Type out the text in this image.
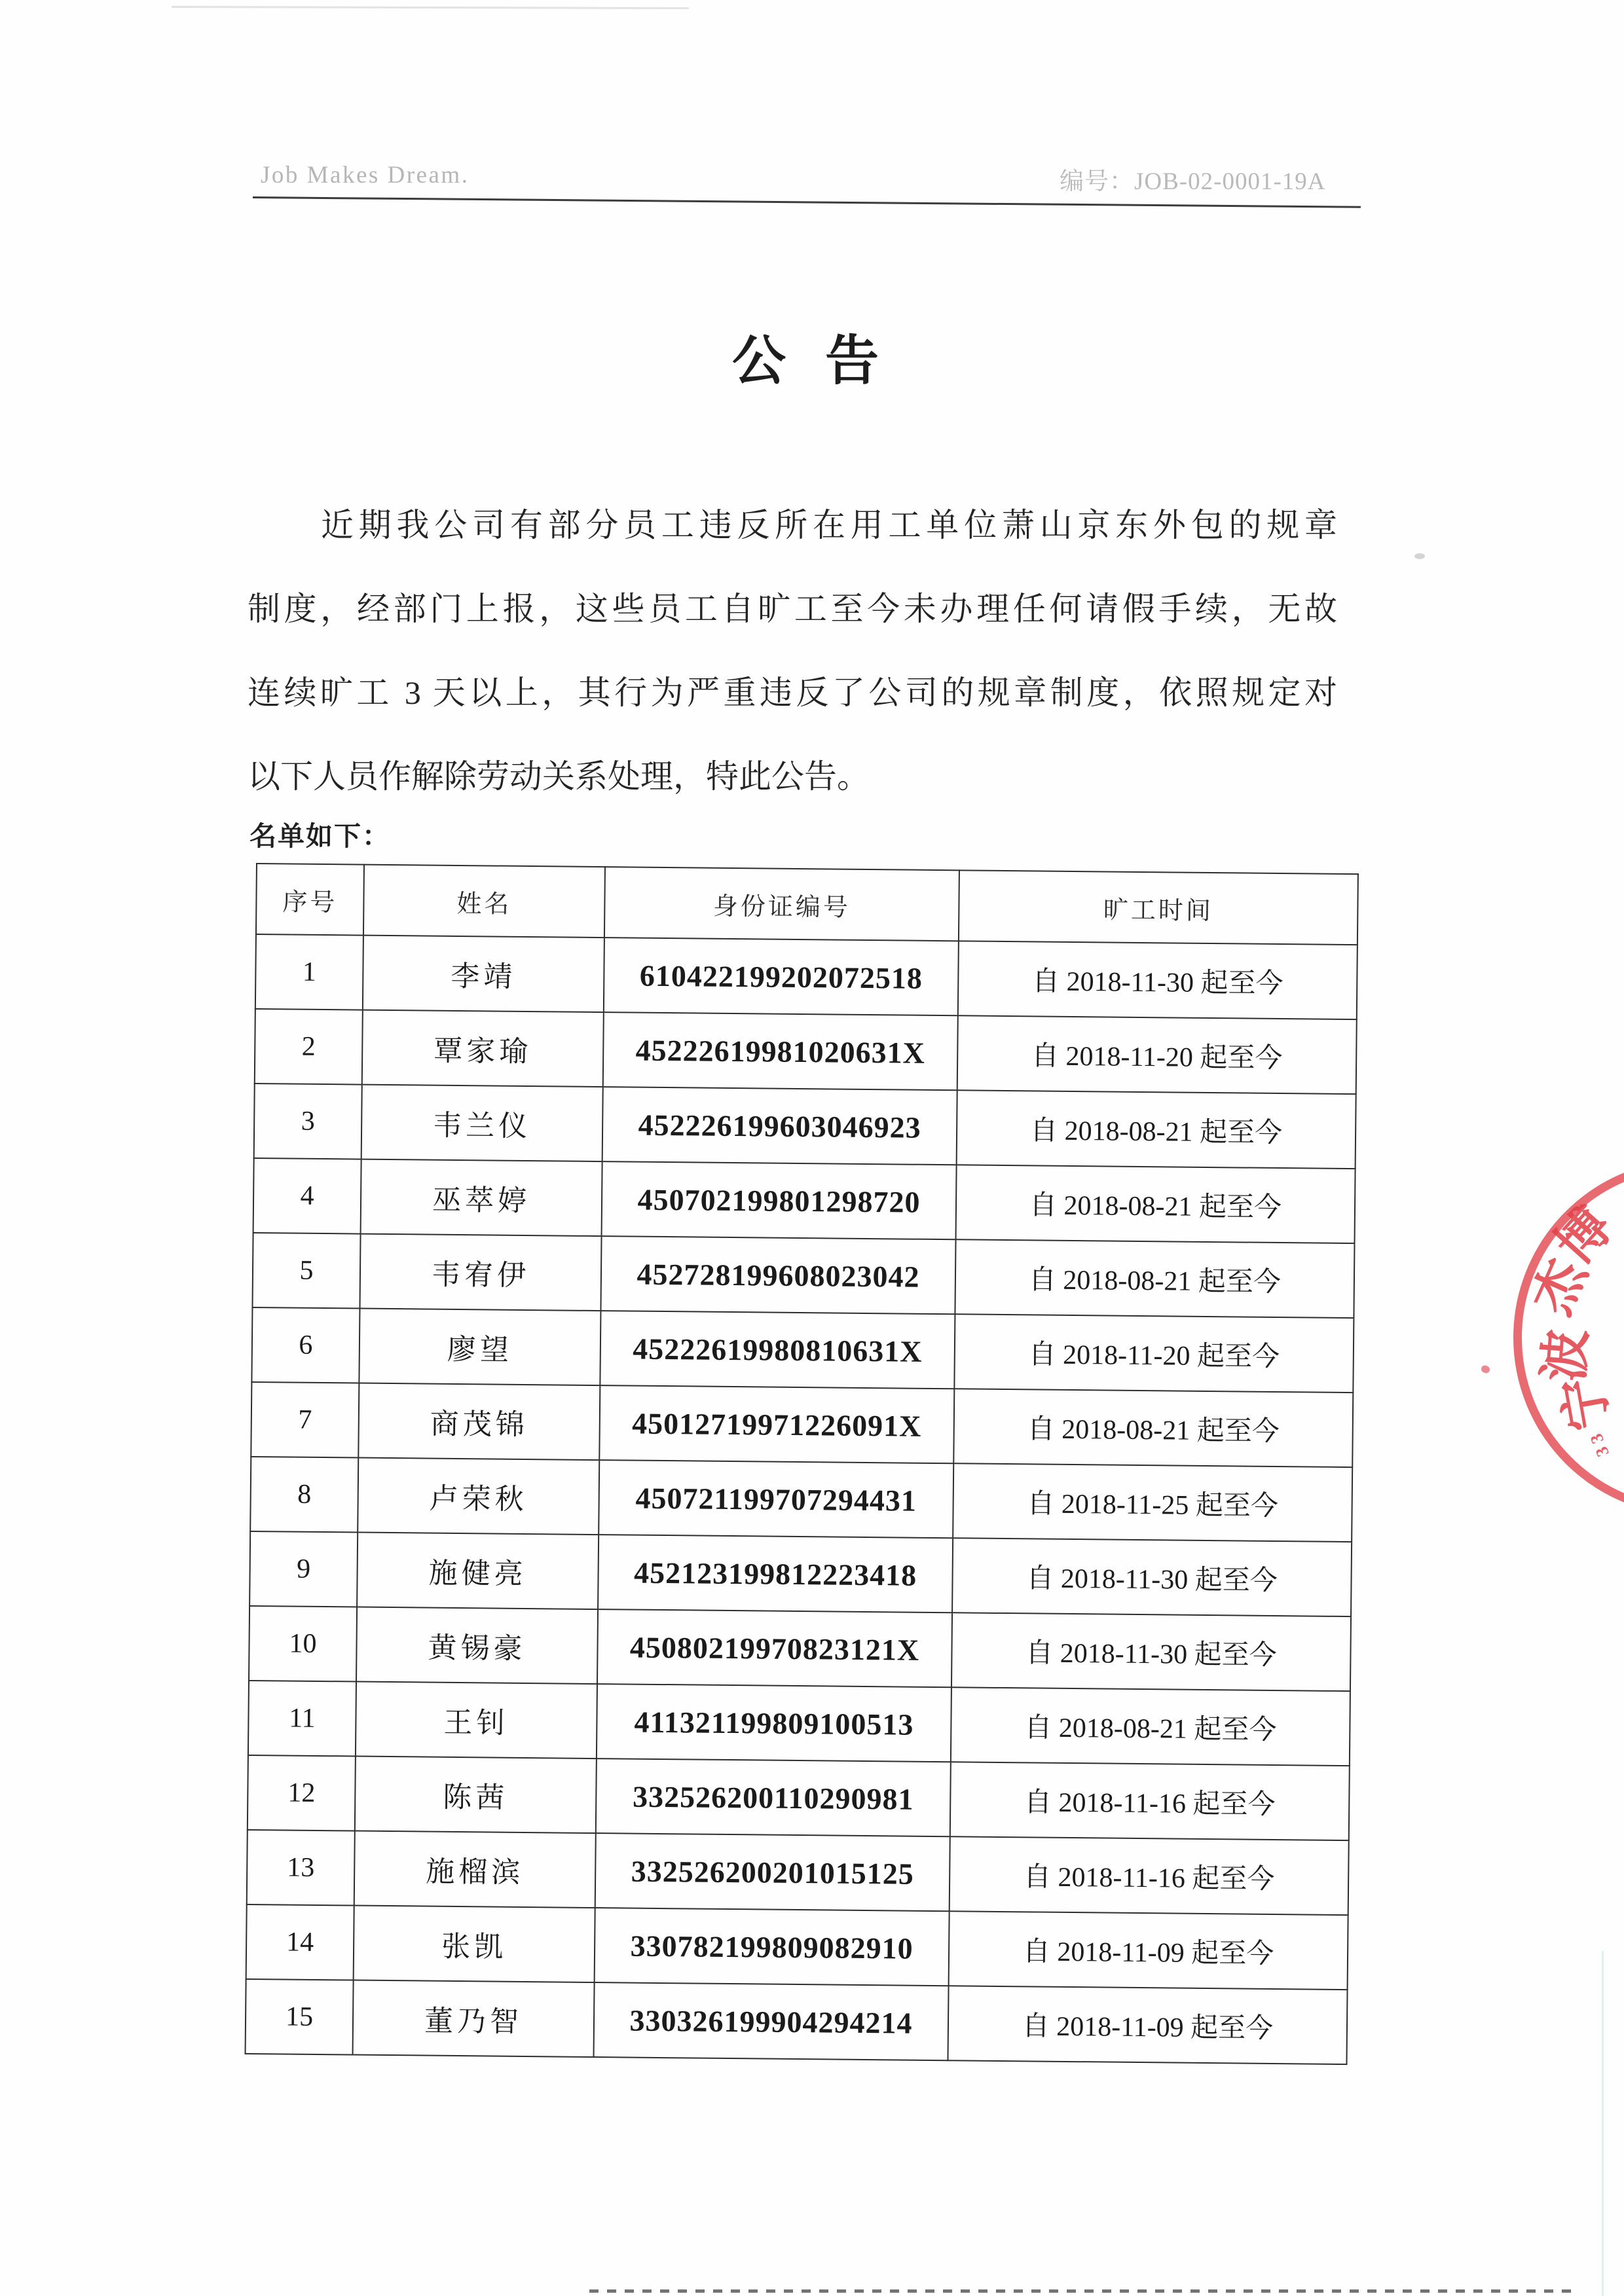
Job Makes Dream.	编号：JOB-02-0001-19A
公告
近期我公司有部分员工违反所在用工单位萧山京东外包的规章
制度，经部门上报，这些员工自旷工至今未办理任何请假手续，无故
连续旷工 3 天以上，其行为严重违反了公司的规章制度，依照规定对
以下人员作解除劳动关系处理，特此公告。
名单如下：
序号	姓名	身份证编号	旷工时间
1	李靖	610422199202072518	自 2018-11-30 起至今
2	覃家瑜	45222619981020631X	自 2018-11-20 起至今
3	韦兰仪	452226199603046923	自 2018-08-21 起至今
4	巫萃婷	450702199801298720	自 2018-08-21 起至今
5	韦宥伊	452728199608023042	自 2018-08-21 起至今
6	廖望	45222619980810631X	自 2018-11-20 起至今
7	商茂锦	45012719971226091X	自 2018-08-21 起至今
8	卢荣秋	450721199707294431	自 2018-11-25 起至今
9	施健亮	452123199812223418	自 2018-11-30 起至今
10	黄锡豪	45080219970823121X	自 2018-11-30 起至今
11	王钊	411321199809100513	自 2018-08-21 起至今
12	陈茜	332526200110290981	自 2018-11-16 起至今
13	施榴滨	332526200201015125	自 2018-11-16 起至今
14	张凯	330782199809082910	自 2018-11-09 起至今
15	董乃智	330326199904294214	自 2018-11-09 起至今
博
杰
波
宁
33
